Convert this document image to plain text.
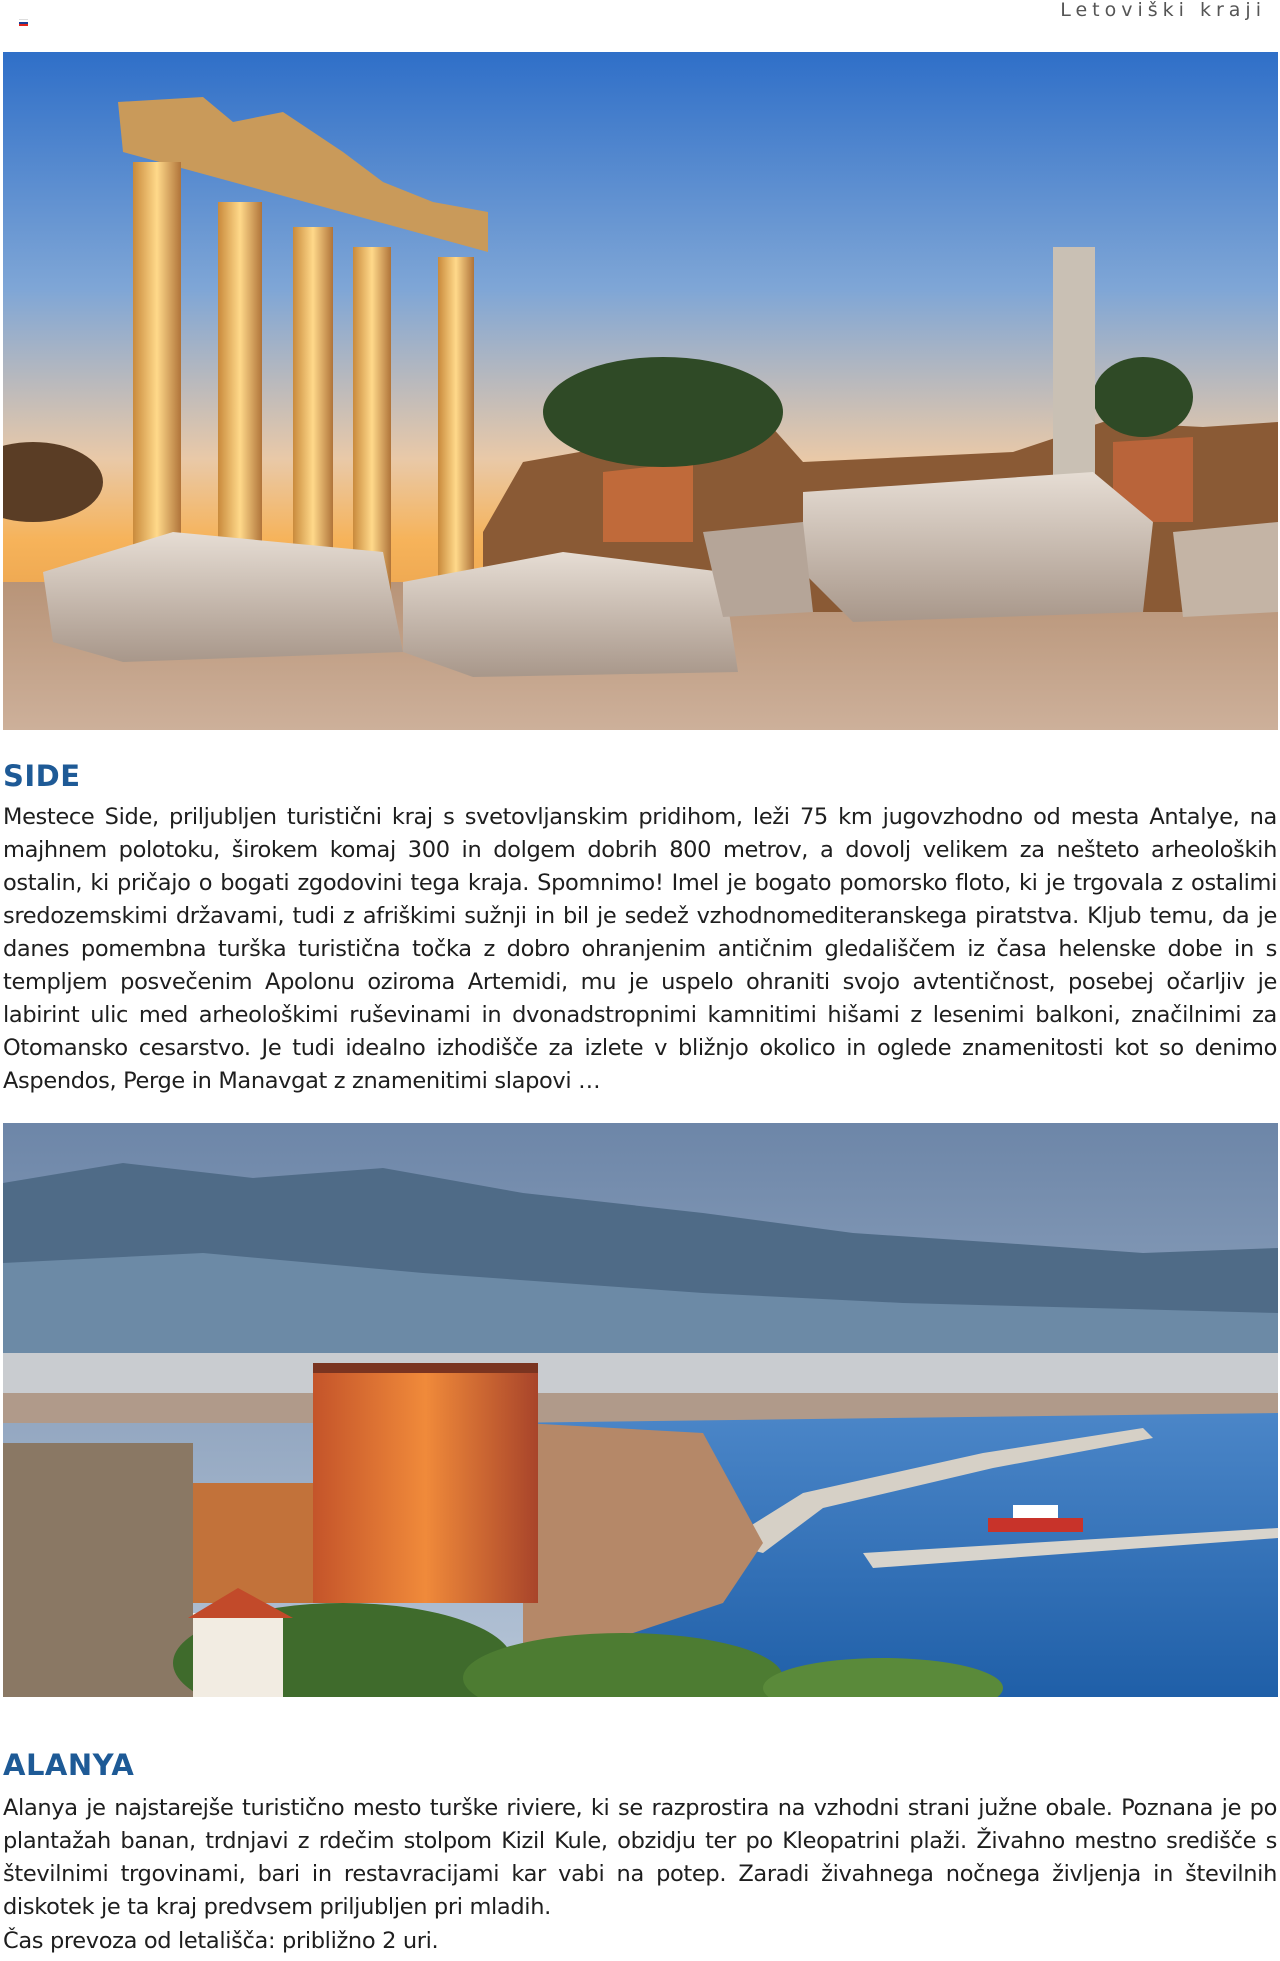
Letoviški kraji
SIDE

Mestece Side, priljubljen turistični kraj s svetovljanskim pridihom, leži 75 km jugovzhodno od mesta Antalye, na majhnem polotoku, širokem komaj 300 in dolgem dobrih 800 metrov, a dovolj velikem za nešteto arheoloških ostalin, ki pričajo o bogati zgodovini tega kraja. Spomnimo! Imel je bogato pomorsko floto, ki je trgovala z ostalimi sredozemskimi državami, tudi z afriškimi sužnji in bil je sedež vzhodnomediteranskega piratstva. Kljub temu, da je danes pomembna turška turistična točka z dobro ohranjenim antičnim gledališčem iz časa helenske dobe in s templjem posvečenim Apolonu oziroma Artemidi, mu je uspelo ohraniti svojo avtentičnost, posebej očarljiv je labirint ulic med arheološkimi ruševinami in dvonadstropnimi kamnitimi hišami z lesenimi balkoni, značilnimi za Otomansko cesarstvo. Je tudi idealno izhodišče za izlete v bližnjo okolico in oglede znamenitosti kot so denimo Aspendos, Perge in Manavgat z znamenitimi slapovi …

ALANYA

Alanya je najstarejše turistično mesto turške riviere, ki se razprostira na vzhodni strani južne obale. Poznana je po plantažah banan, trdnjavi z rdečim stolpom Kizil Kule, obzidju ter po Kleopatrini plaži. Živahno mestno središče s številnimi trgovinami, bari in restavracijami kar vabi na potep. Zaradi živahnega nočnega življenja in številnih diskotek je ta kraj predvsem priljubljen pri mladih.

Čas prevoza od letališča: približno 2 uri.
